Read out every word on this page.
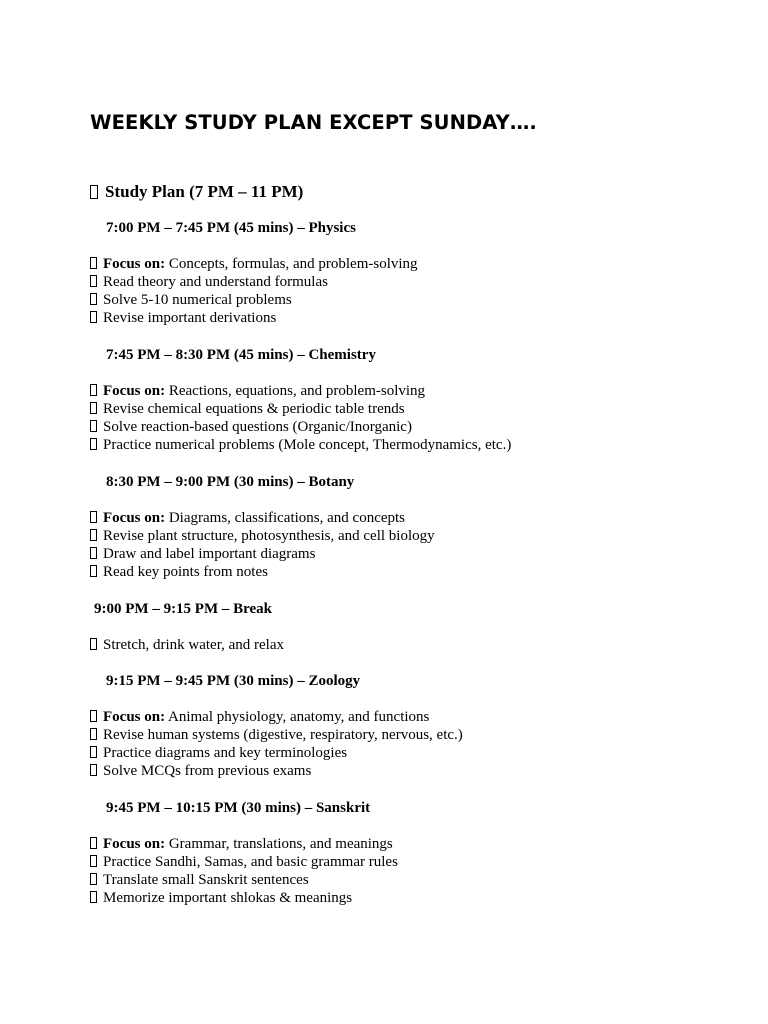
WEEKLY STUDY PLAN EXCEPT SUNDAY….
Study Plan (7 PM – 11 PM)

7:00 PM – 7:45 PM (45 mins) – Physics

Focus on: Concepts, formulas, and problem-solving
Read theory and understand formulas
Solve 5-10 numerical problems
Revise important derivations

7:45 PM – 8:30 PM (45 mins) – Chemistry

Focus on: Reactions, equations, and problem-solving
Revise chemical equations & periodic table trends
Solve reaction-based questions (Organic/Inorganic)
Practice numerical problems (Mole concept, Thermodynamics, etc.)

8:30 PM – 9:00 PM (30 mins) – Botany

Focus on: Diagrams, classifications, and concepts
Revise plant structure, photosynthesis, and cell biology
Draw and label important diagrams
Read key points from notes

9:00 PM – 9:15 PM – Break

Stretch, drink water, and relax

9:15 PM – 9:45 PM (30 mins) – Zoology

Focus on: Animal physiology, anatomy, and functions
Revise human systems (digestive, respiratory, nervous, etc.)
Practice diagrams and key terminologies
Solve MCQs from previous exams

9:45 PM – 10:15 PM (30 mins) – Sanskrit

Focus on: Grammar, translations, and meanings
Practice Sandhi, Samas, and basic grammar rules
Translate small Sanskrit sentences
Memorize important shlokas & meanings
